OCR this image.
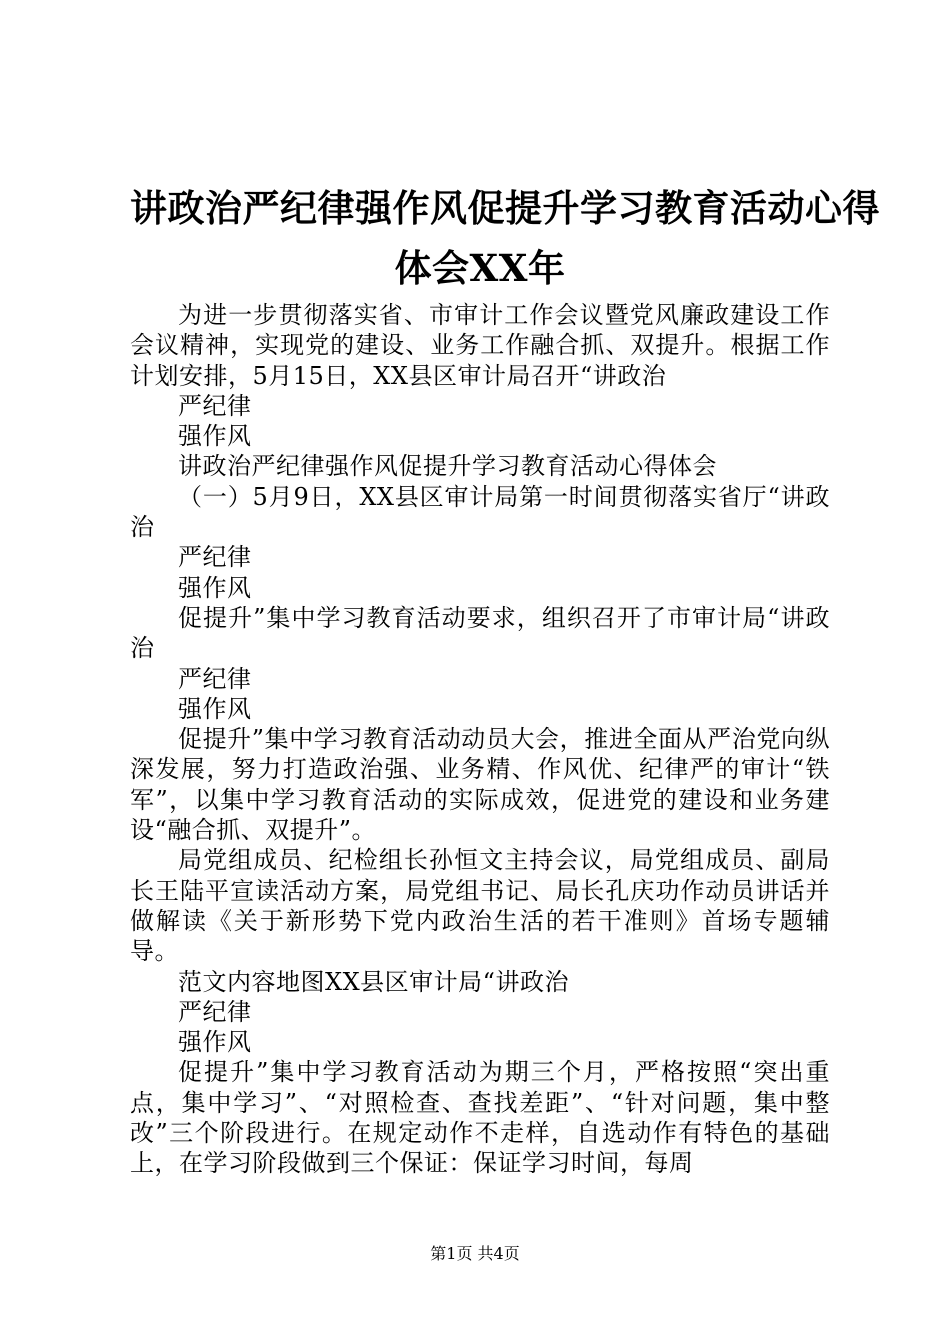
讲政治严纪律强作风促提升学习教育活动心得
体会XX年

为进一步贯彻落实省、市审计工作会议暨党风廉政建设工作会议精神，实现党的建设、业务工作融合抓、双提升。根据工作计划安排，5月15日，XX县区审计局召开“讲政治

严纪律

强作风

讲政治严纪律强作风促提升学习教育活动心得体会

（一）5月9日，XX县区审计局第一时间贯彻落实省厅“讲政治

严纪律

强作风

促提升”集中学习教育活动要求，组织召开了市审计局“讲政治

严纪律

强作风

促提升”集中学习教育活动动员大会，推进全面从严治党向纵深发展，努力打造政治强、业务精、作风优、纪律严的审计“铁军”，以集中学习教育活动的实际成效，促进党的建设和业务建设“融合抓、双提升”。

局党组成员、纪检组长孙恒文主持会议，局党组成员、副局长王陆平宣读活动方案，局党组书记、局长孔庆功作动员讲话并做解读《关于新形势下党内政治生活的若干准则》首场专题辅导。

范文内容地图XX县区审计局“讲政治

严纪律

强作风

促提升”集中学习教育活动为期三个月，严格按照“突出重点，集中学习”、“对照检查、查找差距”、“针对问题，集中整改”三个阶段进行。在规定动作不走样，自选动作有特色的基础上，在学习阶段做到三个保证：保证学习时间，每周

第1页 共4页
